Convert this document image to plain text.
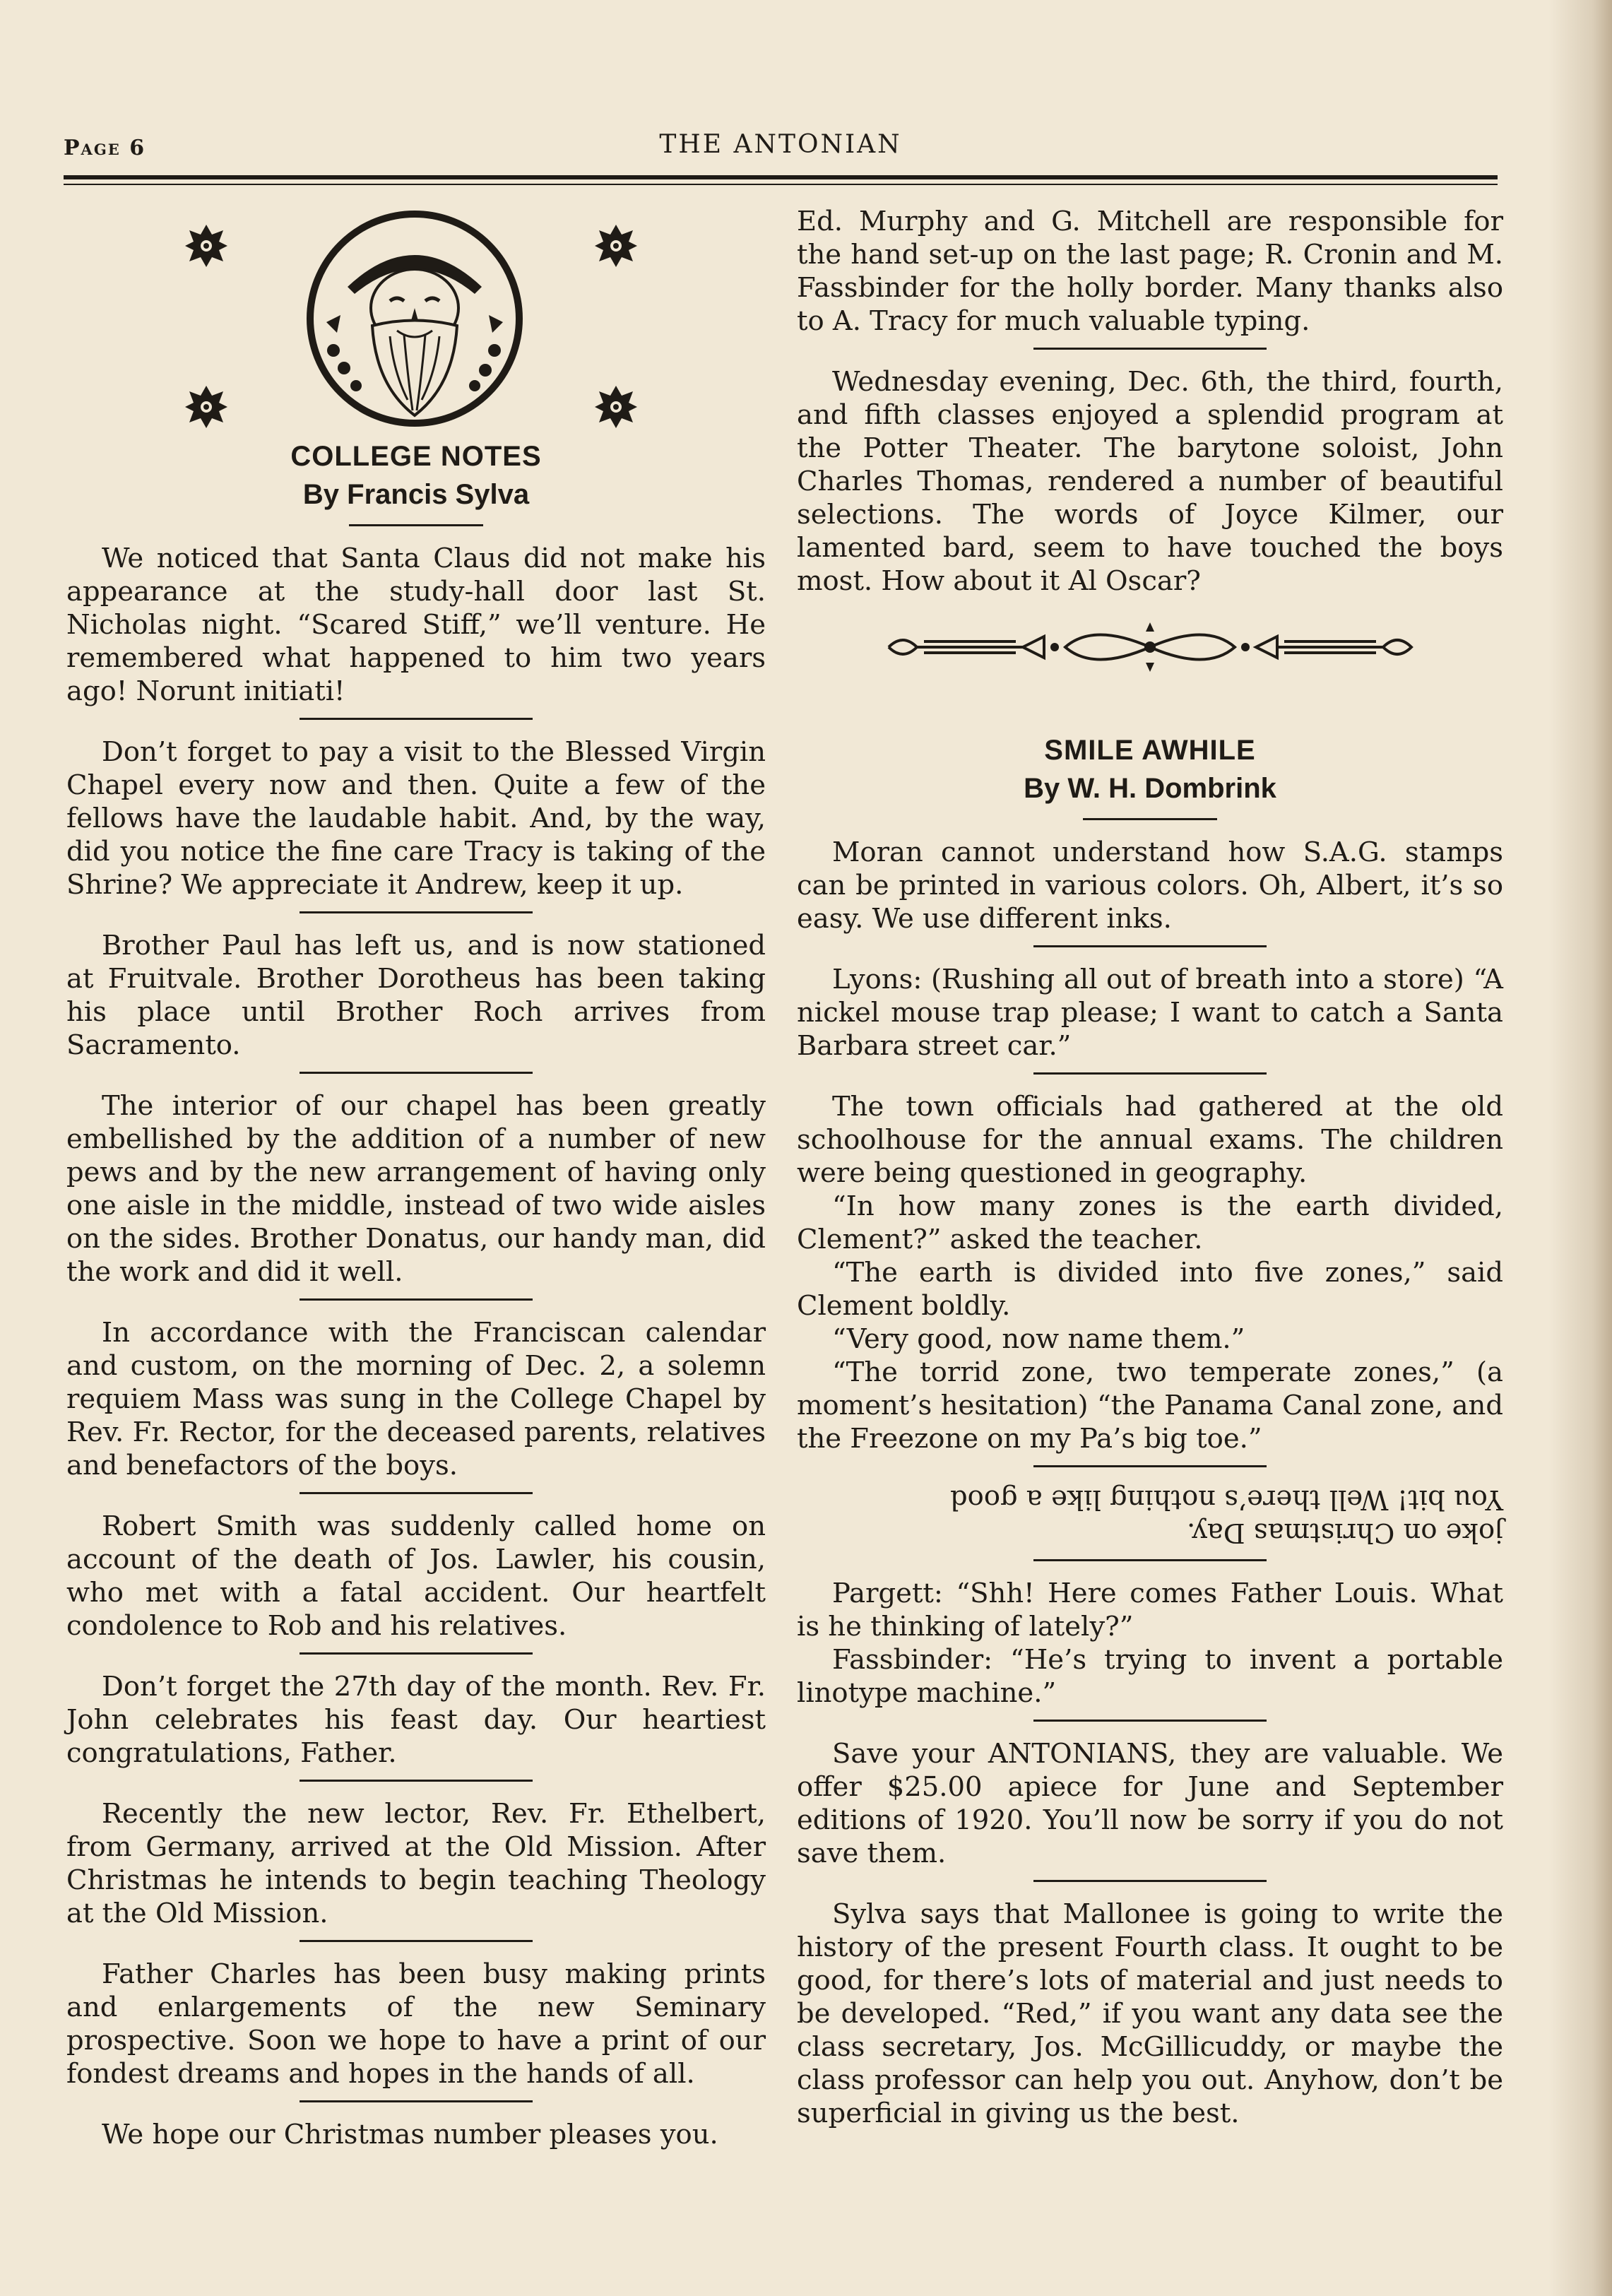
Page 6	THE ANTONIAN
COLLEGE NOTES
By Francis Sylva

We noticed that Santa Claus did not make his appearance at the study-hall door last St. Nicholas night. “Scared Stiff,” we’ll venture. He remembered what happened to him two years ago! Norunt initiati!

Don’t forget to pay a visit to the Blessed Virgin Chapel every now and then. Quite a few of the fellows have the laudable habit. And, by the way, did you notice the fine care Tracy is taking of the Shrine? We appreciate it Andrew, keep it up.

Brother Paul has left us, and is now stationed at Fruitvale. Brother Dorotheus has been taking his place until Brother Roch arrives from Sacramento.

The interior of our chapel has been greatly embellished by the addition of a number of new pews and by the new arrangement of having only one aisle in the middle, instead of two wide aisles on the sides. Brother Donatus, our handy man, did the work and did it well.

In accordance with the Franciscan calendar and custom, on the morning of Dec. 2, a solemn requiem Mass was sung in the College Chapel by Rev. Fr. Rector, for the deceased parents, relatives and benefactors of the boys.

Robert Smith was suddenly called home on account of the death of Jos. Lawler, his cousin, who met with a fatal accident. Our heartfelt condolence to Rob and his relatives.

Don’t forget the 27th day of the month. Rev. Fr. John celebrates his feast day. Our heartiest congratulations, Father.

Recently the new lector, Rev. Fr. Ethelbert, from Germany, arrived at the Old Mission. After Christmas he intends to begin teaching Theology at the Old Mission.

Father Charles has been busy making prints and enlargements of the new Seminary prospective. Soon we hope to have a print of our fondest dreams and hopes in the hands of all.

We hope our Christmas number pleases you.

Ed. Murphy and G. Mitchell are responsible for the hand set-up on the last page; R. Cronin and M. Fassbinder for the holly border. Many thanks also to A. Tracy for much valuable typing.

Wednesday evening, Dec. 6th, the third, fourth, and fifth classes enjoyed a splendid program at the Potter Theater. The barytone soloist, John Charles Thomas, rendered a number of beautiful selections. The words of Joyce Kilmer, our lamented bard, seem to have touched the boys most. How about it Al Oscar?

SMILE AWHILE
By W. H. Dombrink

Moran cannot understand how S.A.G. stamps can be printed in various colors. Oh, Albert, it’s so easy. We use different inks.

Lyons: (Rushing all out of breath into a store) “A nickel mouse trap please; I want to catch a Santa Barbara street car.”

The town officials had gathered at the old schoolhouse for the annual exams. The children were being questioned in geography.

“In how many zones is the earth divided, Clement?” asked the teacher.

“The earth is divided into five zones,” said Clement boldly.

“Very good, now name them.”

“The torrid zone, two temperate zones,” (a moment’s hesitation) “the Panama Canal zone, and the Freezone on my Pa’s big toe.”

joke on Christmas Day.
You bit! Well there’s nothing like a good

Pargett: “Shh! Here comes Father Louis. What is he thinking of lately?”

Fassbinder: “He’s trying to invent a portable linotype machine.”

Save your ANTONIANS, they are valuable. We offer $25.00 apiece for June and September editions of 1920. You’ll now be sorry if you do not save them.

Sylva says that Mallonee is going to write the history of the present Fourth class. It ought to be good, for there’s lots of material and just needs to be developed. “Red,” if you want any data see the class secretary, Jos. McGillicuddy, or maybe the class professor can help you out. Anyhow, don’t be superficial in giving us the best.
